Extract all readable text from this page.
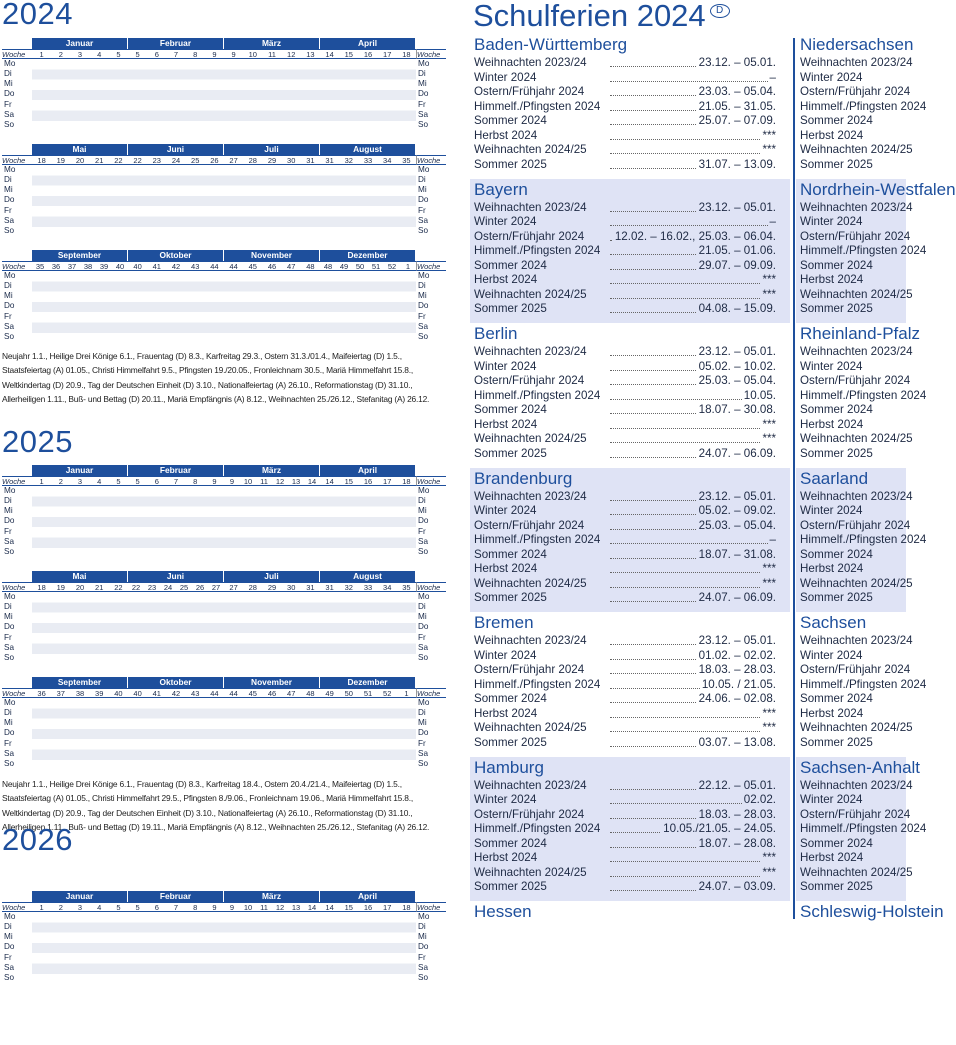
2024
Woche
Mo
Di
Mi
Do
Fr
Sa
So
Januar
1	2	3	4	5
Februar
5	6	7	8	9
März
9	10	11	12	13
April
14	15	16	17	18 Woche
Mo
Di
Mi
Do
Fr
Sa
So
Woche
Mo
Di
Mi
Do
Fr
Sa
So
Mai
18	19	20	21	22
Juni
22	23	24	25	26
Juli
27	28	29	30	31
August
31	32	33	34	35 Woche
Mo
Di
Mi
Do
Fr
Sa
So
Woche
Mo
Di
Mi
Do
Fr
Sa
So
September
35	36	37	38	39	40
Oktober
40	41	42	43	44
November
44	45	46	47	48
Dezember
48	49	50	51	52	1 Woche
Mo
Di
Mi
Do
Fr
Sa
So
Neujahr 1.1., Heilige Drei Könige 6.1., Frauentag (D) 8.3., Karfreitag 29.3., Ostern 31.3./01.4., Maifeiertag (D) 1.5., Staatsfeiertag (A) 01.05., Christi Himmelfahrt 9.5., Pfingsten 19./20.05., Fronleichnam 30.5., Mariä Himmelfahrt 15.8., Weltkindertag (D) 20.9., Tag der Deutschen Einheit (D) 3.10., Nationalfeiertag (A) 26.10., Reformationstag (D) 31.10., Allerheiligen 1.11., Buß- und Bettag (D) 20.11., Mariä Empfängnis (A) 8.12., Weihnachten 25./26.12., Stefanitag (A) 26.12.
2025
Woche
Mo
Di
Mi
Do
Fr
Sa
So
Januar
1	2	3	4	5
Februar
5	6	7	8	9
März
9	10	11	12	13	14
April
14	15	16	17	18 Woche
Mo
Di
Mi
Do
Fr
Sa
So
Woche
Mo
Di
Mi
Do
Fr
Sa
So
Mai
18	19	20	21	22
Juni
22	23	24	25	26	27
Juli
27	28	29	30	31
August
31	32	33	34	35 Woche
Mo
Di
Mi
Do
Fr
Sa
So
Woche
Mo
Di
Mi
Do
Fr
Sa
So
September
36	37	38	39	40
Oktober
40	41	42	43	44
November
44	45	46	47	48
Dezember
49	50	51	52	1	Woche
Mo
Di
Mi
Do
Fr
Sa
So
Neujahr 1.1., Heilige Drei Könige 6.1., Frauentag (D) 8.3., Karfreitag 18.4., Ostern 20.4./21.4., Maifeiertag (D) 1.5., Staatsfeiertag (A) 01.05., Christi Himmelfahrt 29.5., Pfingsten 8./9.06., Fronleichnam 19.06., Mariä Himmelfahrt 15.8., Weltkindertag (D) 20.9., Tag der Deutschen Einheit (D) 3.10., Nationalfeiertag (A) 26.10., Reformationstag (D) 31.10., Allerheiligen 1.11., Buß- und Bettag (D) 19.11., Mariä Empfängnis (A) 8.12., Weihnachten 25./26.12., Stefanitag (A) 26.12.
2026
Woche
Mo
Di
Mi
Do
Fr
Sa
So
Januar
1	2	3	4	5
Februar
5	6	7	8	9
März
9	10	11	12	13	14
April
14	15	16	17	18 Woche
Mo
Di
Mi
Do
Fr
Sa
So
Schulferien 2024 D
Baden-Württemberg
Weihnachten 2023/24	23.12. – 05.01.
Winter 2024	–
Ostern/Frühjahr 2024	23.03. – 05.04.
Himmelf./Pfingsten 2024	21.05. – 31.05.
Sommer 2024	25.07. – 07.09.
Herbst 2024	***
Weihnachten 2024/25	***
Sommer 2025	31.07. – 13.09.
Bayern
Weihnachten 2023/24	23.12. – 05.01.
Winter 2024	–
Ostern/Frühjahr 2024	12.02. – 16.02., 25.03. – 06.04.
Himmelf./Pfingsten 2024	21.05. – 01.06.
Sommer 2024	29.07. – 09.09.
Herbst 2024	***
Weihnachten 2024/25	***
Sommer 2025	04.08. – 15.09.
Berlin
Weihnachten 2023/24	23.12. – 05.01.
Winter 2024	05.02. – 10.02.
Ostern/Frühjahr 2024	25.03. – 05.04.
Himmelf./Pfingsten 2024	10.05.
Sommer 2024	18.07. – 30.08.
Herbst 2024	***
Weihnachten 2024/25	***
Sommer 2025	24.07. – 06.09.
Brandenburg
Weihnachten 2023/24	23.12. – 05.01.
Winter 2024	05.02. – 09.02.
Ostern/Frühjahr 2024	25.03. – 05.04.
Himmelf./Pfingsten 2024	–
Sommer 2024	18.07. – 31.08.
Herbst 2024	***
Weihnachten 2024/25	***
Sommer 2025	24.07. – 06.09.
Bremen
Weihnachten 2023/24	23.12. – 05.01.
Winter 2024	01.02. – 02.02.
Ostern/Frühjahr 2024	18.03. – 28.03.
Himmelf./Pfingsten 2024	10.05. / 21.05.
Sommer 2024	24.06. – 02.08.
Herbst 2024	***
Weihnachten 2024/25	***
Sommer 2025	03.07. – 13.08.
Hamburg
Weihnachten 2023/24	22.12. – 05.01.
Winter 2024	02.02.
Ostern/Frühjahr 2024	18.03. – 28.03.
Himmelf./Pfingsten 2024	10.05./21.05. – 24.05.
Sommer 2024	18.07. – 28.08.
Herbst 2024	***
Weihnachten 2024/25	***
Sommer 2025	24.07. – 03.09.
Hessen
Niedersachsen
Weihnachten 2023/24
Winter 2024
Ostern/Frühjahr 2024
Himmelf./Pfingsten 2024
Sommer 2024
Herbst 2024
Weihnachten 2024/25
Sommer 2025
Nordrhein-Westfalen
Weihnachten 2023/24
Winter 2024
Ostern/Frühjahr 2024
Himmelf./Pfingsten 2024
Sommer 2024
Herbst 2024
Weihnachten 2024/25
Sommer 2025
Rheinland-Pfalz
Weihnachten 2023/24
Winter 2024
Ostern/Frühjahr 2024
Himmelf./Pfingsten 2024
Sommer 2024
Herbst 2024
Weihnachten 2024/25
Sommer 2025
Saarland
Weihnachten 2023/24
Winter 2024
Ostern/Frühjahr 2024
Himmelf./Pfingsten 2024
Sommer 2024
Herbst 2024
Weihnachten 2024/25
Sommer 2025
Sachsen
Weihnachten 2023/24
Winter 2024
Ostern/Frühjahr 2024
Himmelf./Pfingsten 2024
Sommer 2024
Herbst 2024
Weihnachten 2024/25
Sommer 2025
Sachsen-Anhalt
Weihnachten 2023/24
Winter 2024
Ostern/Frühjahr 2024
Himmelf./Pfingsten 2024
Sommer 2024
Herbst 2024
Weihnachten 2024/25
Sommer 2025
Schleswig-Holstein
